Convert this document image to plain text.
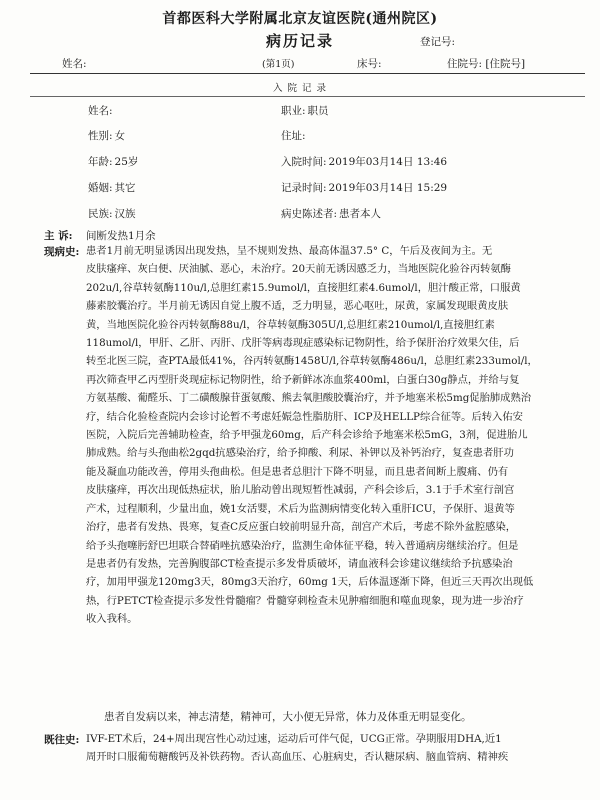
首都医科大学附属北京友谊医院(通州院区)
病历记录	登记号:
姓名:	(第1页)	床号:	住院号: [住院号]
入 院 记 录
姓名:	职业: 职员
性别: 女	住址:
年龄: 25岁	入院时间: 2019年03月14日 13:46
婚姻: 其它	记录时间: 2019年03月14日 15:29
民族: 汉族	病史陈述者: 患者本人
主 诉: 间断发热1月余
现病史: 患者1月前无明显诱因出现发热，呈不规则发热、最高体温37.5° C，午后及夜间为主。无
皮肤瘙痒、灰白便、厌油腻、恶心，未治疗。20天前无诱因感乏力，当地医院化验谷丙转氨酶
202u/l,谷草转氨酶110u/l,总胆红素15.9umol/l，直接胆红素4.6umol/l，胆汁酸正常，口服黄
藤素胶囊治疗。半月前无诱因自觉上腹不适，乏力明显，恶心呕吐，尿黄，家属发现眼黄皮肤
黄，当地医院化验谷丙转氨酶88u/l，谷草转氨酶305U/l,总胆红素210umol/l,直接胆红素
118umol/l，甲肝、乙肝、丙肝、戊肝等病毒现症感染标记物阴性，给予保肝治疗效果欠佳，后
转至北医三院，查PTA最低41%，谷丙转氨酶1458U/l,谷草转氨酶486u/l，总胆红素233umol/l，
再次筛查甲乙丙型肝炎现症标记物阴性，给予新鲜冰冻血浆400ml，白蛋白30g静点，并给与复
方氨基酸、葡醛乐、丁二磺酸腺苷蛋氨酸、熊去氧胆酸胶囊治疗，并予地塞米松5mg促胎肺成熟治
疗，结合化验检查院内会诊讨论暂不考虑妊娠急性脂肪肝、ICP及HELLP综合征等。后转入佑安
医院，入院后完善辅助检查，给予甲强龙60mg，后产科会诊给予地塞米松5mG，3剂，促进胎儿
肺成熟。给与头孢曲松2gqd抗感染治疗，给予抑酸、利尿、补钾以及补钙治疗，复查患者肝功
能及凝血功能改善，停用头孢曲松。但是患者总胆汁下降不明显，而且患者间断上腹痛、仍有
皮肤瘙痒，再次出现低热症状，胎儿胎动曾出现短暂性减弱，产科会诊后，3.1于手术室行剖宫
产术，过程顺利，少量出血，娩1女活婴，术后为监测病情变化转入重肝ICU，予保肝、退黄等
治疗，患者有发热、畏寒，复查C反应蛋白较前明显升高，剖宫产术后，考虑不除外盆腔感染，
给予头孢噻肟舒巴坦联合替硝唑抗感染治疗，监测生命体征平稳，转入普通病房继续治疗。但是
是患者仍有发热，完善胸腹部CT检查提示多发骨质破坏，请血液科会诊建议继续给予抗感染治
疗，加用甲强龙120mg3天，80mg3天治疗，60mg 1天，后体温逐渐下降，但近三天再次出现低
热，行PETCT检查提示多发性骨髓瘤？骨髓穿刺检查未见肿瘤细胞和噬血现象，现为进一步治疗
收入我科。
患者自发病以来，神志清楚，精神可，大小便无异常，体力及体重无明显变化。
既往史: IVF-ET术后，24+周出现宫性心动过速，运动后可伴气促，UCG正常。孕期服用DHA,近1
周开时口服葡萄糖酸钙及补铁药物。否认高血压、心脏病史，否认糖尿病、脑血管病、精神疾
